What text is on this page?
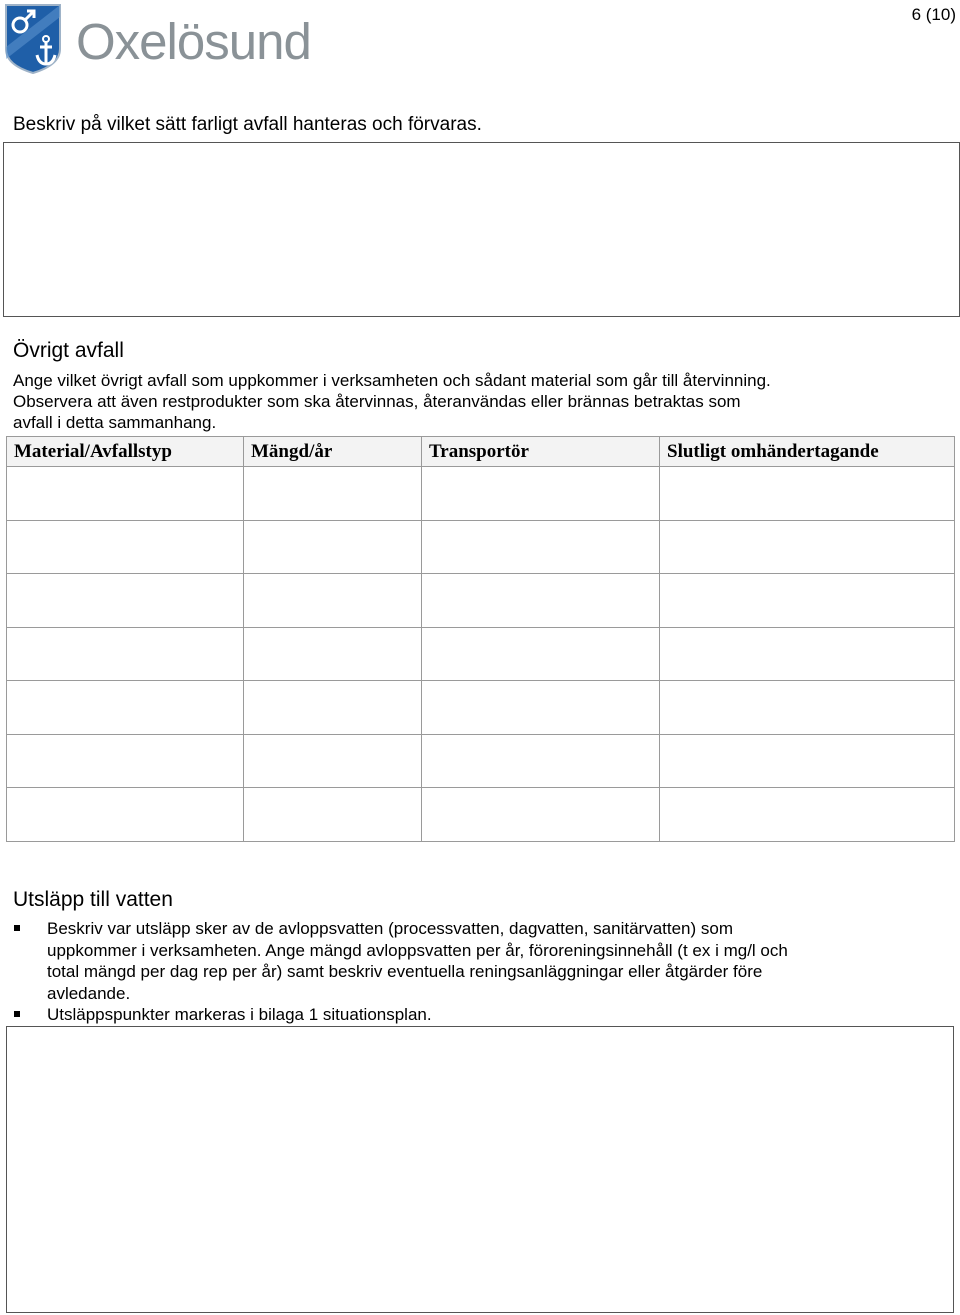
Oxelösund	6 (10)
Beskriv på vilket sätt farligt avfall hanteras och förvaras.
Övrigt avfall
Ange vilket övrigt avfall som uppkommer i verksamheten och sådant material som går till återvinning.
Observera att även restprodukter som ska återvinnas, återanvändas eller brännas betraktas som
avfall i detta sammanhang.
Material/Avfallstyp	Mängd/år	Transportör	Slutligt omhändertagande

Utsläpp till vatten
Beskriv var utsläpp sker av de avloppsvatten (processvatten, dagvatten, sanitärvatten) som
uppkommer i verksamheten. Ange mängd avloppsvatten per år, föroreningsinnehåll (t ex i mg/l och
total mängd per dag rep per år) samt beskriv eventuella reningsanläggningar eller åtgärder före
avledande.
Utsläppspunkter markeras i bilaga 1 situationsplan.
